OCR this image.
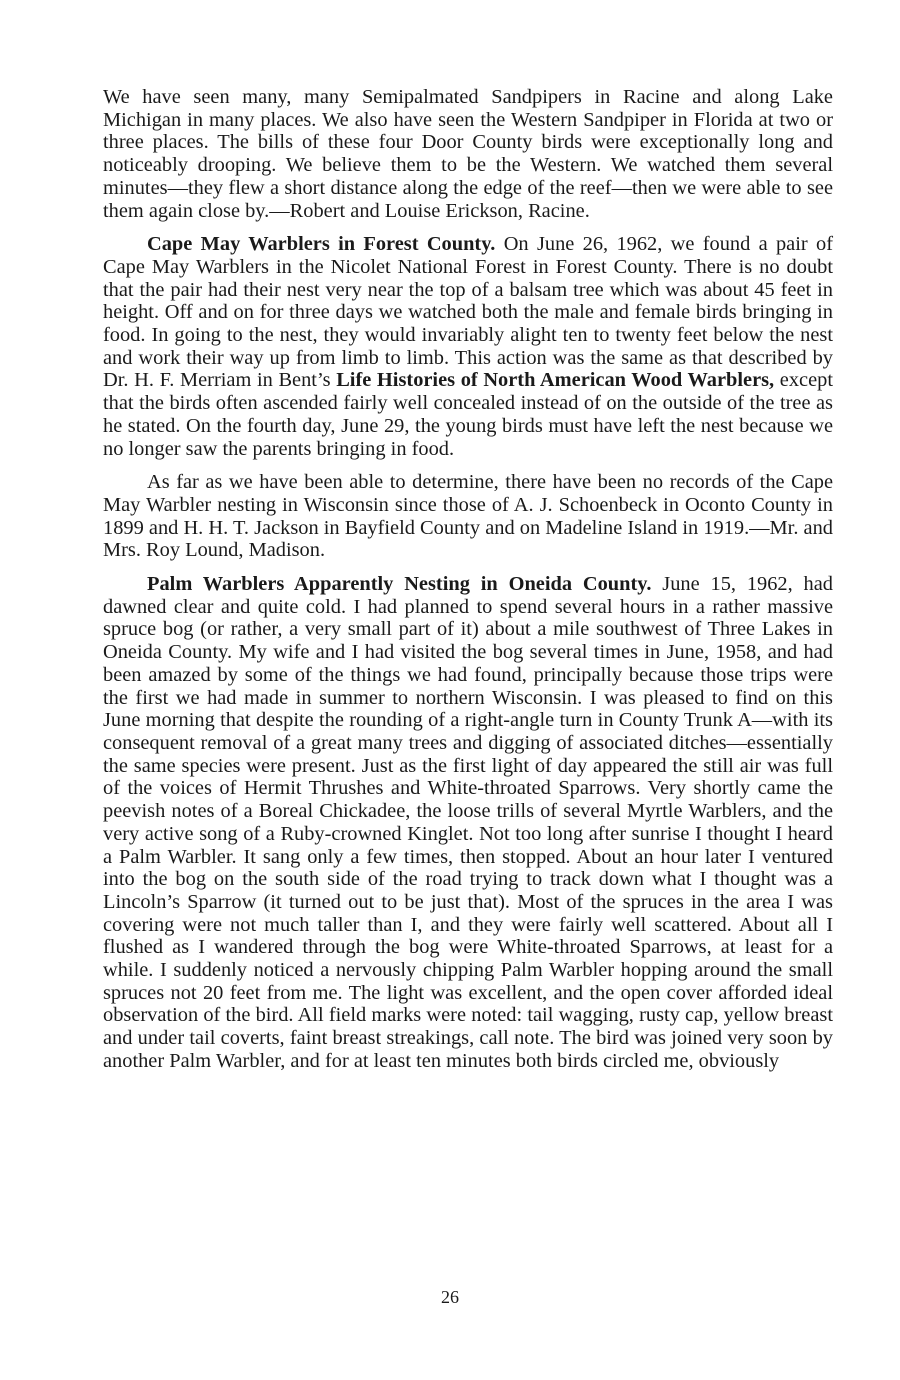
We have seen many, many Semipalmated Sandpipers in Racine and along Lake Michigan in many places. We also have seen the Western Sandpiper in Florida at two or three places. The bills of these four Door County birds were exceptionally long and noticeably drooping. We believe them to be the Western. We watched them several minutes—they flew a short distance along the edge of the reef—then we were able to see them again close by.—Robert and Louise Erickson, Racine.

Cape May Warblers in Forest County. On June 26, 1962, we found a pair of Cape May Warblers in the Nicolet National Forest in Forest County. There is no doubt that the pair had their nest very near the top of a balsam tree which was about 45 feet in height. Off and on for three days we watched both the male and female birds bringing in food. In going to the nest, they would invariably alight ten to twenty feet below the nest and work their way up from limb to limb. This action was the same as that described by Dr. H. F. Merriam in Bent’s Life Histories of North American Wood Warblers, except that the birds often ascended fairly well concealed instead of on the outside of the tree as he stated. On the fourth day, June 29, the young birds must have left the nest because we no longer saw the parents bringing in food.

As far as we have been able to determine, there have been no records of the Cape May Warbler nesting in Wisconsin since those of A. J. Schoenbeck in Oconto County in 1899 and H. H. T. Jackson in Bayfield County and on Madeline Island in 1919.—Mr. and Mrs. Roy Lound, Madison.

Palm Warblers Apparently Nesting in Oneida County. June 15, 1962, had dawned clear and quite cold. I had planned to spend several hours in a rather massive spruce bog (or rather, a very small part of it) about a mile southwest of Three Lakes in Oneida County. My wife and I had visited the bog several times in June, 1958, and had been amazed by some of the things we had found, principally because those trips were the first we had made in summer to northern Wisconsin. I was pleased to find on this June morning that despite the rounding of a right-angle turn in County Trunk A—with its consequent removal of a great many trees and digging of associated ditches—essentially the same species were present. Just as the first light of day appeared the still air was full of the voices of Hermit Thrushes and White-throated Sparrows. Very shortly came the peevish notes of a Boreal Chickadee, the loose trills of several Myrtle Warblers, and the very active song of a Ruby-crowned Kinglet. Not too long after sunrise I thought I heard a Palm Warbler. It sang only a few times, then stopped. About an hour later I ventured into the bog on the south side of the road trying to track down what I thought was a Lincoln’s Sparrow (it turned out to be just that). Most of the spruces in the area I was covering were not much taller than I, and they were fairly well scattered. About all I flushed as I wandered through the bog were White-throated Sparrows, at least for a while. I suddenly noticed a nervously chipping Palm Warbler hopping around the small spruces not 20 feet from me. The light was excellent, and the open cover afforded ideal observation of the bird. All field marks were noted: tail wagging, rusty cap, yellow breast and under tail coverts, faint breast streakings, call note. The bird was joined very soon by another Palm Warbler, and for at least ten minutes both birds circled me, obviously

26
